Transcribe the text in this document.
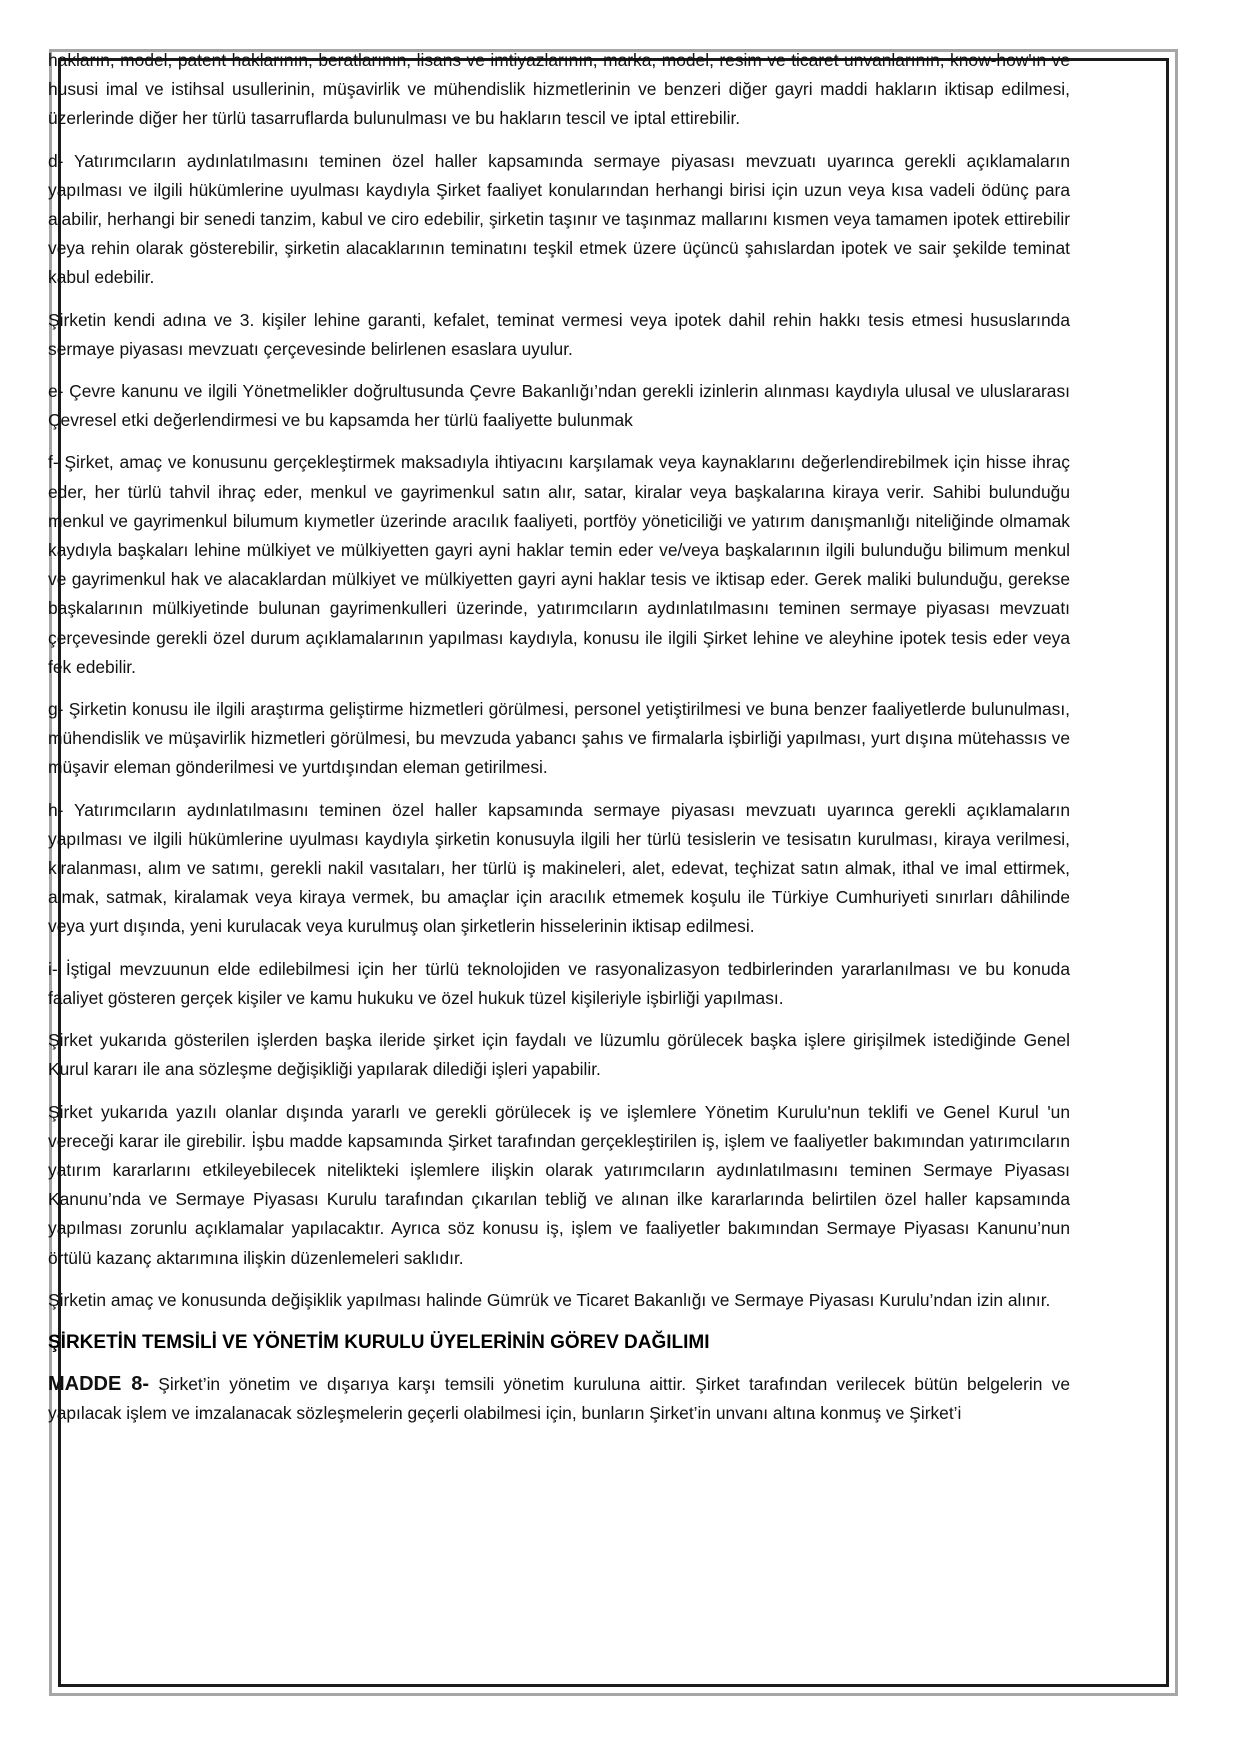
hakların, model, patent haklarının, beratlarının, lisans ve imtiyazlarının, marka, model, resim ve ticaret unvanlarının, know-how'ın ve hususi imal ve istihsal usullerinin, müşavirlik ve mühendislik hizmetlerinin ve benzeri diğer gayri maddi hakların iktisap edilmesi, üzerlerinde diğer her türlü tasarruflarda bulunulması ve bu hakların tescil ve iptal ettirebilir.

d- Yatırımcıların aydınlatılmasını teminen özel haller kapsamında sermaye piyasası mevzuatı uyarınca gerekli açıklamaların yapılması ve ilgili hükümlerine uyulması kaydıyla Şirket faaliyet konularından herhangi birisi için uzun veya kısa vadeli ödünç para alabilir, herhangi bir senedi tanzim, kabul ve ciro edebilir, şirketin taşınır ve taşınmaz mallarını kısmen veya tamamen ipotek ettirebilir veya rehin olarak gösterebilir, şirketin alacaklarının teminatını teşkil etmek üzere üçüncü şahıslardan ipotek ve sair şekilde teminat kabul edebilir.

Şirketin kendi adına ve 3. kişiler lehine garanti, kefalet, teminat vermesi veya ipotek dahil rehin hakkı tesis etmesi hususlarında sermaye piyasası mevzuatı çerçevesinde belirlenen esaslara uyulur.

e- Çevre kanunu ve ilgili Yönetmelikler doğrultusunda Çevre Bakanlığı’ndan gerekli izinlerin alınması kaydıyla ulusal ve uluslararası Çevresel etki değerlendirmesi ve bu kapsamda her türlü faaliyette bulunmak

f- Şirket, amaç ve konusunu gerçekleştirmek maksadıyla ihtiyacını karşılamak veya kaynaklarını değerlendirebilmek için hisse ihraç eder, her türlü tahvil ihraç eder, menkul ve gayrimenkul satın alır, satar, kiralar veya başkalarına kiraya verir. Sahibi bulunduğu menkul ve gayrimenkul bilumum kıymetler üzerinde aracılık faaliyeti, portföy yöneticiliği ve yatırım danışmanlığı niteliğinde olmamak kaydıyla başkaları lehine mülkiyet ve mülkiyetten gayri ayni haklar temin eder ve/veya başkalarının ilgili bulunduğu bilimum menkul ve gayrimenkul hak ve alacaklardan mülkiyet ve mülkiyetten gayri ayni haklar tesis ve iktisap eder. Gerek maliki bulunduğu, gerekse başkalarının mülkiyetinde bulunan gayrimenkulleri üzerinde, yatırımcıların aydınlatılmasını teminen sermaye piyasası mevzuatı çerçevesinde gerekli özel durum açıklamalarının yapılması kaydıyla, konusu ile ilgili Şirket lehine ve aleyhine ipotek tesis eder veya fek edebilir.

g- Şirketin konusu ile ilgili araştırma geliştirme hizmetleri görülmesi, personel yetiştirilmesi ve buna benzer faaliyetlerde bulunulması, mühendislik ve müşavirlik hizmetleri görülmesi, bu mevzuda yabancı şahıs ve firmalarla işbirliği yapılması, yurt dışına mütehassıs ve müşavir eleman gönderilmesi ve yurtdışından eleman getirilmesi.

h- Yatırımcıların aydınlatılmasını teminen özel haller kapsamında sermaye piyasası mevzuatı uyarınca gerekli açıklamaların yapılması ve ilgili hükümlerine uyulması kaydıyla şirketin konusuyla ilgili her türlü tesislerin ve tesisatın kurulması, kiraya verilmesi, kiralanması, alım ve satımı, gerekli nakil vasıtaları, her türlü iş makineleri, alet, edevat, teçhizat satın almak, ithal ve imal ettirmek, almak, satmak, kiralamak veya kiraya vermek, bu amaçlar için aracılık etmemek koşulu ile Türkiye Cumhuriyeti sınırları dâhilinde veya yurt dışında, yeni kurulacak veya kurulmuş olan şirketlerin hisselerinin iktisap edilmesi.

i- İştigal mevzuunun elde edilebilmesi için her türlü teknolojiden ve rasyonalizasyon tedbirlerinden yararlanılması ve bu konuda faaliyet gösteren gerçek kişiler ve kamu hukuku ve özel hukuk tüzel kişileriyle işbirliği yapılması.

Şirket yukarıda gösterilen işlerden başka ileride şirket için faydalı ve lüzumlu görülecek başka işlere girişilmek istediğinde Genel Kurul kararı ile ana sözleşme değişikliği yapılarak dilediği işleri yapabilir.

Şirket yukarıda yazılı olanlar dışında yararlı ve gerekli görülecek iş ve işlemlere Yönetim Kurulu'nun teklifi ve Genel Kurul 'un vereceği karar ile girebilir. İşbu madde kapsamında Şirket tarafından gerçekleştirilen iş, işlem ve faaliyetler bakımından yatırımcıların yatırım kararlarını etkileyebilecek nitelikteki işlemlere ilişkin olarak yatırımcıların aydınlatılmasını teminen Sermaye Piyasası Kanunu’nda ve Sermaye Piyasası Kurulu tarafından çıkarılan tebliğ ve alınan ilke kararlarında belirtilen özel haller kapsamında yapılması zorunlu açıklamalar yapılacaktır. Ayrıca söz konusu iş, işlem ve faaliyetler bakımından Sermaye Piyasası Kanunu’nun örtülü kazanç aktarımına ilişkin düzenlemeleri saklıdır.

Şirketin amaç ve konusunda değişiklik yapılması halinde Gümrük ve Ticaret Bakanlığı ve Sermaye Piyasası Kurulu’ndan izin alınır.

ŞİRKETİN TEMSİLİ VE YÖNETİM KURULU ÜYELERİNİN GÖREV DAĞILIMI

MADDE 8- Şirket’in yönetim ve dışarıya karşı temsili yönetim kuruluna aittir. Şirket tarafından verilecek bütün belgelerin ve yapılacak işlem ve imzalanacak sözleşmelerin geçerli olabilmesi için, bunların Şirket’in unvanı altına konmuş ve Şirket’i
